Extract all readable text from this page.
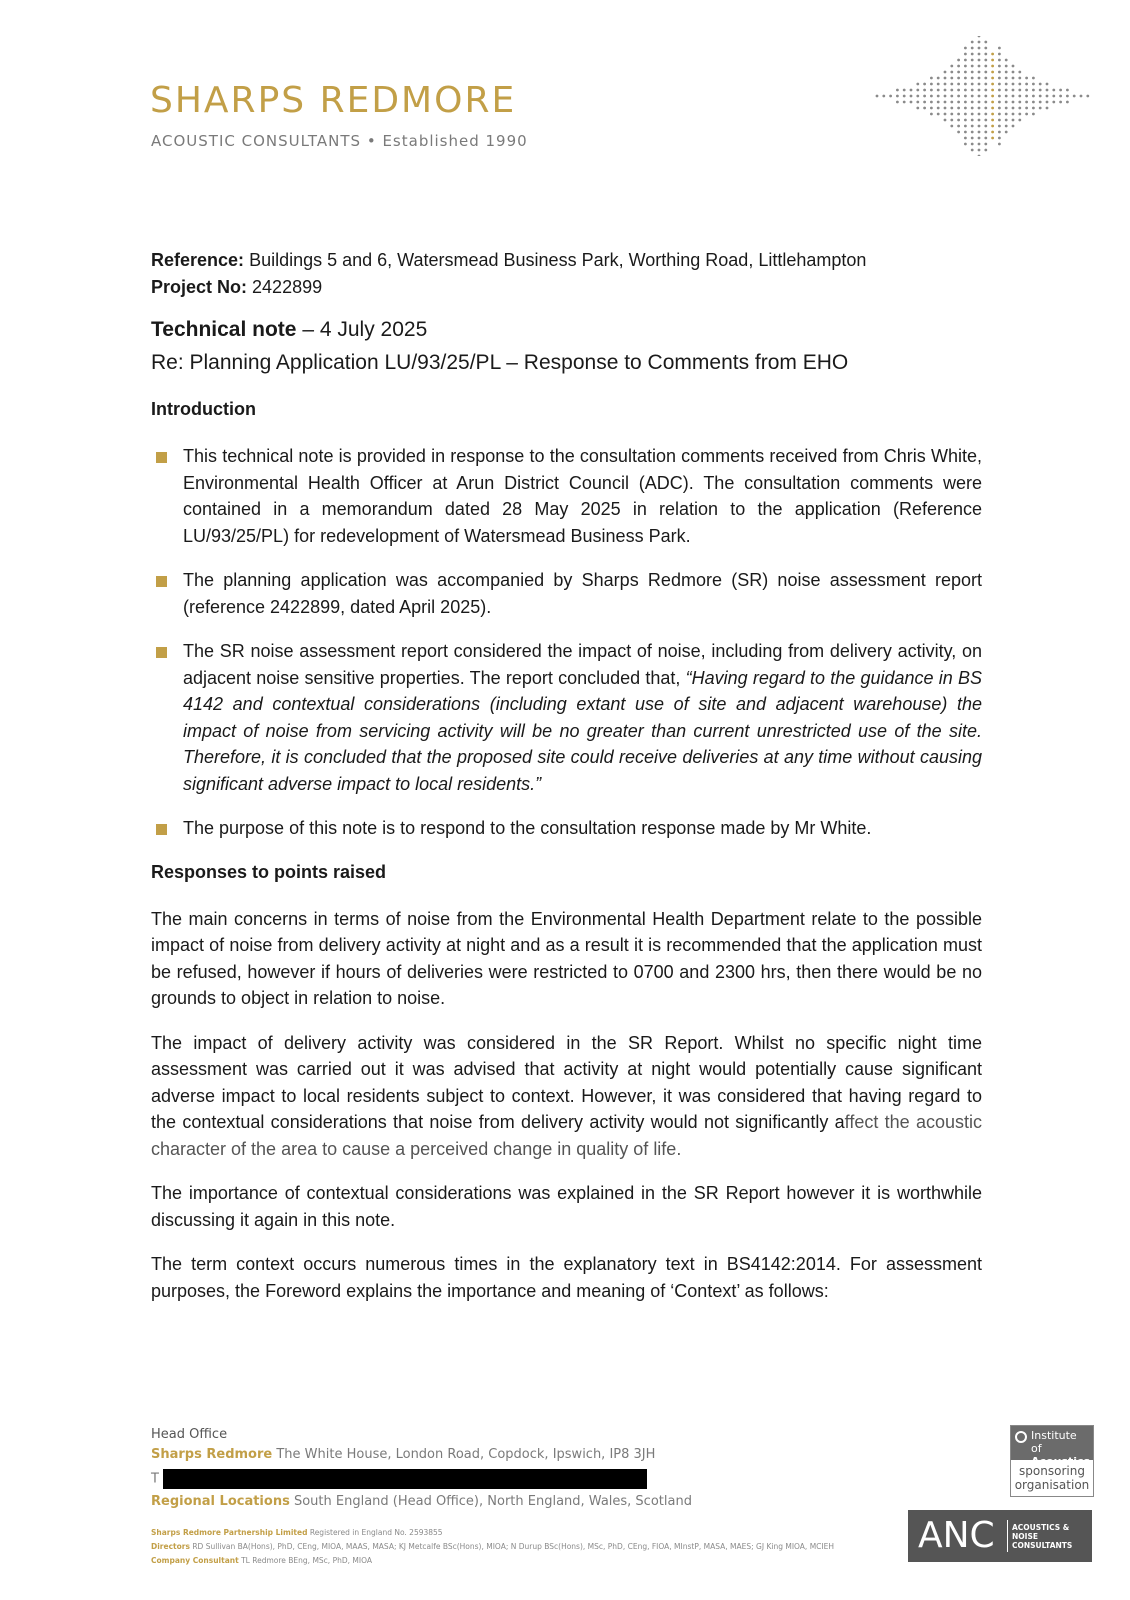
SHARPS REDMORE
ACOUSTIC CONSULTANTS • Established 1990
Reference: Buildings 5 and 6, Watersmead Business Park, Worthing Road, Littlehampton
Project No: 2422899
Technical note – 4 July 2025
Re: Planning Application LU/93/25/PL – Response to Comments from EHO
Introduction
This technical note is provided in response to the consultation comments received from Chris White, Environmental Health Officer at Arun District Council (ADC). The consultation comments were contained in a memorandum dated 28 May 2025 in relation to the application (Reference LU/93/25/PL) for redevelopment of Watersmead Business Park.
The planning application was accompanied by Sharps Redmore (SR) noise assessment report (reference 2422899, dated April 2025).
The SR noise assessment report considered the impact of noise, including from delivery activity, on adjacent noise sensitive properties. The report concluded that, “Having regard to the guidance in BS 4142 and contextual considerations (including extant use of site and adjacent warehouse) the impact of noise from servicing activity will be no greater than current unrestricted use of the site. Therefore, it is concluded that the proposed site could receive deliveries at any time without causing significant adverse impact to local residents.”
The purpose of this note is to respond to the consultation response made by Mr White.
Responses to points raised
The main concerns in terms of noise from the Environmental Health Department relate to the possible impact of noise from delivery activity at night and as a result it is recommended that the application must be refused, however if hours of deliveries were restricted to 0700 and 2300 hrs, then there would be no grounds to object in relation to noise.
The impact of delivery activity was considered in the SR Report. Whilst no specific night time assessment was carried out it was advised that activity at night would potentially cause significant adverse impact to local residents subject to context. However, it was considered that having regard to the contextual considerations that noise from delivery activity would not significantly affect the acoustic character of the area to cause a perceived change in quality of life.
The importance of contextual considerations was explained in the SR Report however it is worthwhile discussing it again in this note.
The term context occurs numerous times in the explanatory text in BS4142:2014. For assessment purposes, the Foreword explains the importance and meaning of ‘Context’ as follows:
Head Office
Sharps Redmore The White House, London Road, Copdock, Ipswich, IP8 3JH
T
Regional Locations South England (Head Office), North England, Wales, Scotland
Sharps Redmore Partnership Limited Registered in England No. 2593855
Directors RD Sullivan BA(Hons), PhD, CEng, MIOA, MAAS, MASA; KJ Metcalfe BSc(Hons), MIOA; N Durup BSc(Hons), MSc, PhD, CEng, FIOA, MInstP, MASA, MAES; GJ King MIOA, MCIEH
Company Consultant TL Redmore BEng, MSc, PhD, MIOA
Institute of
Acoustics
sponsoring
organisation
ANC ACOUSTICS &
NOISE
CONSULTANTS
